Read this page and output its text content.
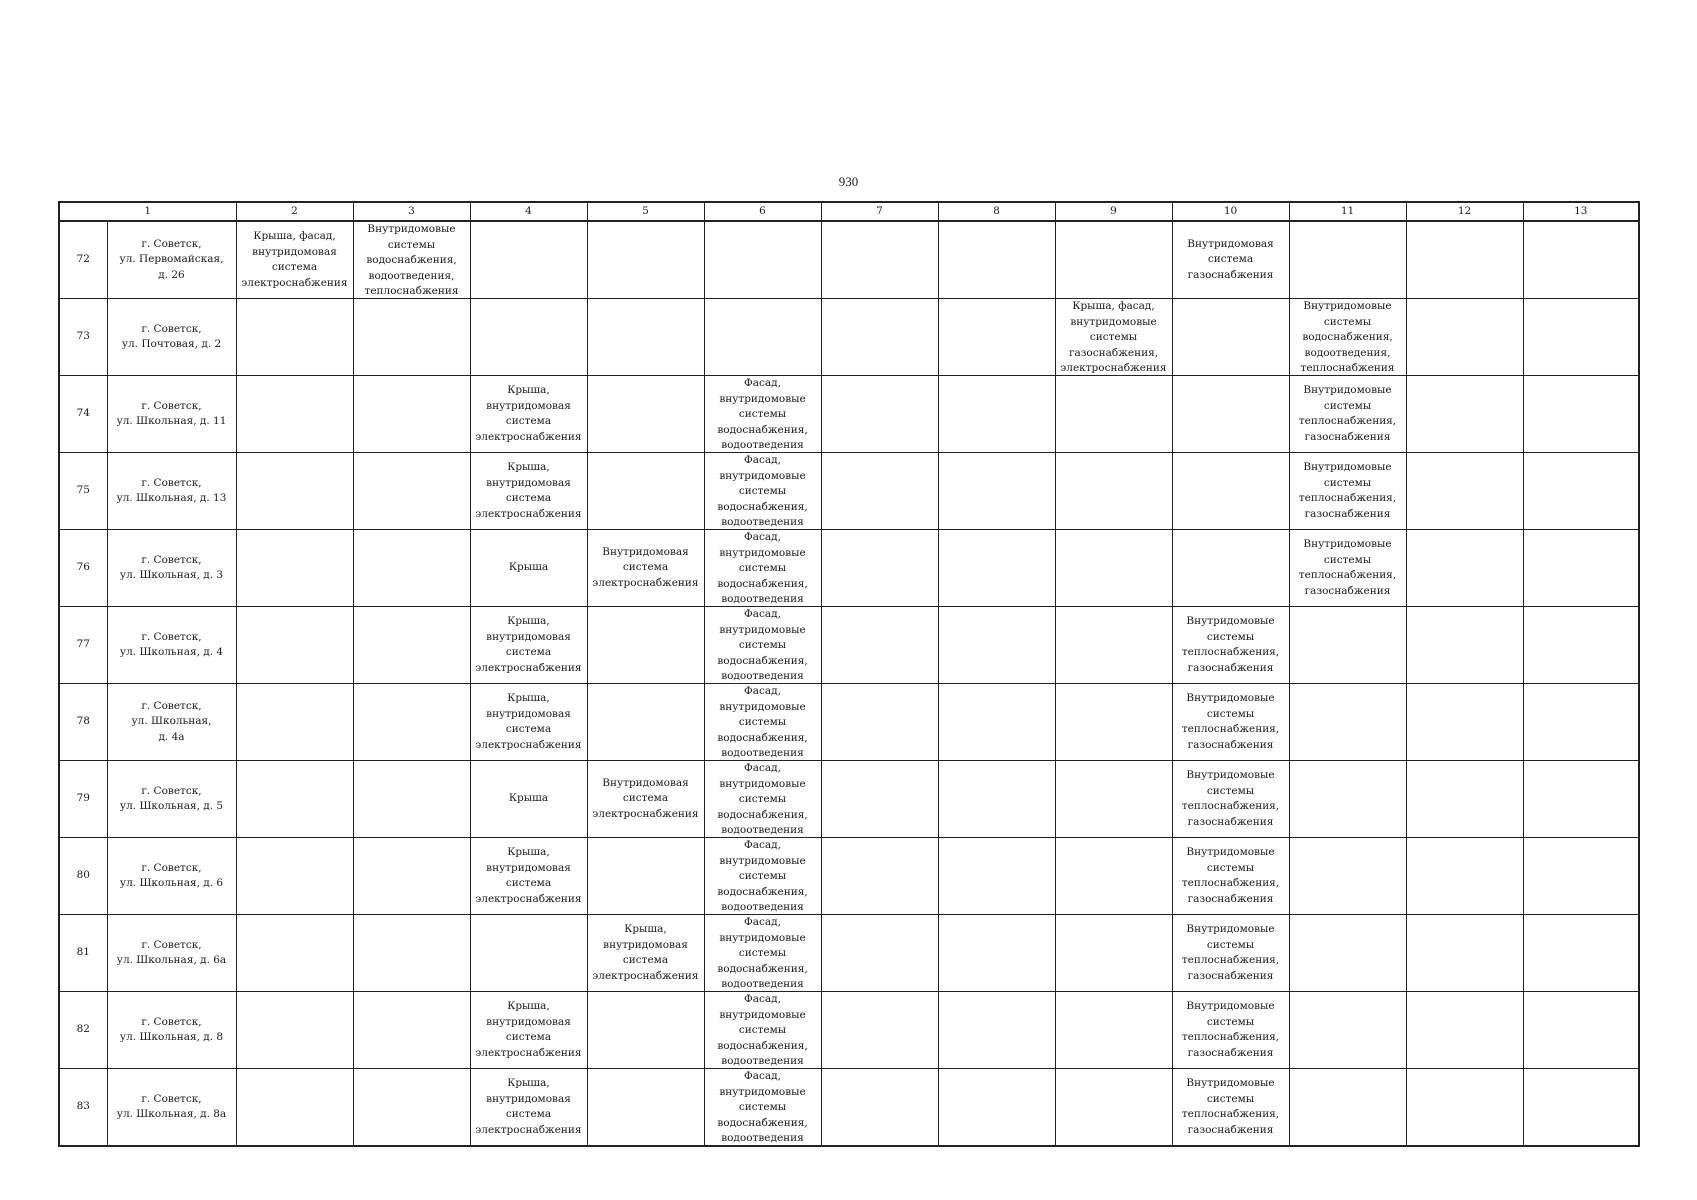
930
1		2	3	4	5	6	7	8	9	10	11	12	13

72	г. Советск,
ул. Первомайская,
д. 26	Крыша, фасад,
внутридомовая
система
электроснабжения	Внутридомовые
системы
водоснабжения,
водоотведения,
теплоснабжения							Внутридомовая
система
газоснабжения			

73	г. Советск,
ул. Почтовая, д. 2								Крыша, фасад,
внутридомовые
системы
газоснабжения,
электроснабжения		Внутридомовые
системы
водоснабжения,
водоотведения,
теплоснабжения		

74	г. Советск,
ул. Школьная, д. 11			Крыша,
внутридомовая
система
электроснабжения		Фасад,
внутридомовые
системы
водоснабжения,
водоотведения					Внутридомовые
системы
теплоснабжения,
газоснабжения		

75	г. Советск,
ул. Школьная, д. 13			Крыша,
внутридомовая
система
электроснабжения		Фасад,
внутридомовые
системы
водоснабжения,
водоотведения					Внутридомовые
системы
теплоснабжения,
газоснабжения		

76	г. Советск,
ул. Школьная, д. 3			Крыша	Внутридомовая
система
электроснабжения	Фасад,
внутридомовые
системы
водоснабжения,
водоотведения					Внутридомовые
системы
теплоснабжения,
газоснабжения		

77	г. Советск,
ул. Школьная, д. 4			Крыша,
внутридомовая
система
электроснабжения		Фасад,
внутридомовые
системы
водоснабжения,
водоотведения				Внутридомовые
системы
теплоснабжения,
газоснабжения			

78	г. Советск,
ул. Школьная,
д. 4а			Крыша,
внутридомовая
система
электроснабжения		Фасад,
внутридомовые
системы
водоснабжения,
водоотведения				Внутридомовые
системы
теплоснабжения,
газоснабжения			

79	г. Советск,
ул. Школьная, д. 5			Крыша	Внутридомовая
система
электроснабжения	Фасад,
внутридомовые
системы
водоснабжения,
водоотведения				Внутридомовые
системы
теплоснабжения,
газоснабжения			

80	г. Советск,
ул. Школьная, д. 6			Крыша,
внутридомовая
система
электроснабжения		Фасад,
внутридомовые
системы
водоснабжения,
водоотведения				Внутридомовые
системы
теплоснабжения,
газоснабжения			

81	г. Советск,
ул. Школьная, д. 6а				Крыша,
внутридомовая
система
электроснабжения	Фасад,
внутридомовые
системы
водоснабжения,
водоотведения				Внутридомовые
системы
теплоснабжения,
газоснабжения			

82	г. Советск,
ул. Школьная, д. 8			Крыша,
внутридомовая
система
электроснабжения		Фасад,
внутридомовые
системы
водоснабжения,
водоотведения				Внутридомовые
системы
теплоснабжения,
газоснабжения			

83	г. Советск,
ул. Школьная, д. 8а			Крыша,
внутридомовая
система
электроснабжения		Фасад,
внутридомовые
системы
водоснабжения,
водоотведения				Внутридомовые
системы
теплоснабжения,
газоснабжения			
